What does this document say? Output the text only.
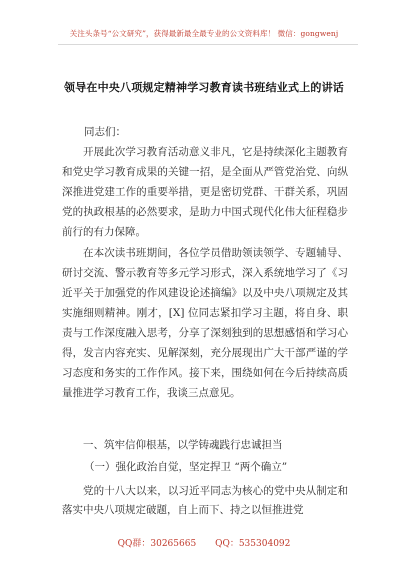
关注头条号“公文研究”，获得最新最全最专业的公文资料库！ 微信：gongwenj
领导在中央八项规定精神学习教育读书班结业式上的讲话
同志们：

开展此次学习教育活动意义非凡，它是持续深化主题教育和党史学习教育成果的关键一招，是全面从严管党治党、向纵深推进党建工作的重要举措，更是密切党群、干群关系，巩固党的执政根基的必然要求，是助力中国式现代化伟大征程稳步前行的有力保障。

在本次读书班期间，各位学员借助领读领学、专题辅导、研讨交流、警示教育等多元学习形式，深入系统地学习了《习近平关于加强党的作风建设论述摘编》以及中央八项规定及其实施细则精神。刚才，[X] 位同志紧扣学习主题，将自身、职责与工作深度融入思考，分享了深刻独到的思想感悟和学习心得，发言内容充实、见解深刻，充分展现出广大干部严谨的学习态度和务实的工作作风。接下来，围绕如何在今后持续高质量推进学习教育工作，我谈三点意见。

一、筑牢信仰根基，以学铸魂践行忠诚担当
（一）强化政治自觉，坚定捍卫 “两个确立”

党的十八大以来，以习近平同志为核心的党中央从制定和落实中央八项规定破题，自上而下、持之以恒推进党

QQ群：30265665 QQ：535304092
